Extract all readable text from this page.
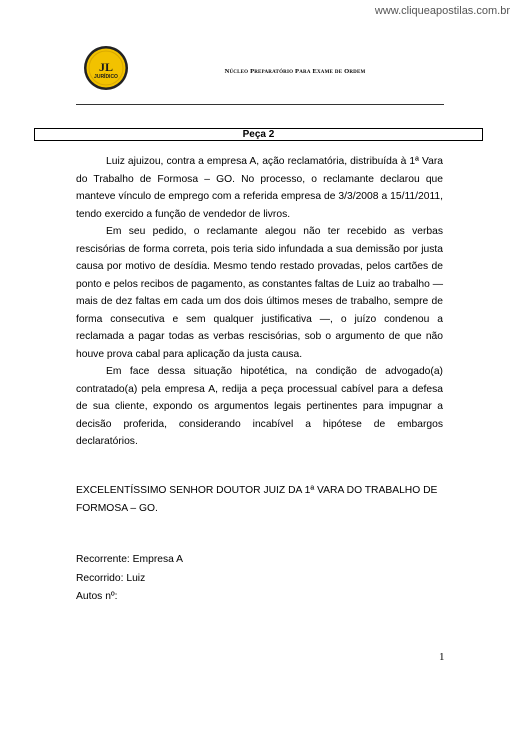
www.cliqueapostilas.com.br
JL
JURÍDICO
Núcleo Preparatório Para Exame de Ordem
Peça 2

Luiz ajuizou, contra a empresa A, ação reclamatória, distribuída à 1ª Vara do Trabalho de Formosa – GO. No processo, o reclamante declarou que manteve vínculo de emprego com a referida empresa de 3/3/2008 a 15/11/2011, tendo exercido a função de vendedor de livros.

Em seu pedido, o reclamante alegou não ter recebido as verbas rescisórias de forma correta, pois teria sido infundada a sua demissão por justa causa por motivo de desídia. Mesmo tendo restado provadas, pelos cartões de ponto e pelos recibos de pagamento, as constantes faltas de Luiz ao trabalho — mais de dez faltas em cada um dos dois últimos meses de trabalho, sempre de forma consecutiva e sem qualquer justificativa —, o juízo condenou a reclamada a pagar todas as verbas rescisórias, sob o argumento de que não houve prova cabal para aplicação da justa causa.

Em face dessa situação hipotética, na condição de advogado(a) contratado(a) pela empresa A, redija a peça processual cabível para a defesa de sua cliente, expondo os argumentos legais pertinentes para impugnar a decisão proferida, considerando incabível a hipótese de embargos declaratórios.

EXCELENTÍSSIMO SENHOR DOUTOR JUIZ DA 1ª VARA DO TRABALHO DE FORMOSA – GO.
Recorrente: Empresa A
Recorrido: Luiz
Autos nº:
1
